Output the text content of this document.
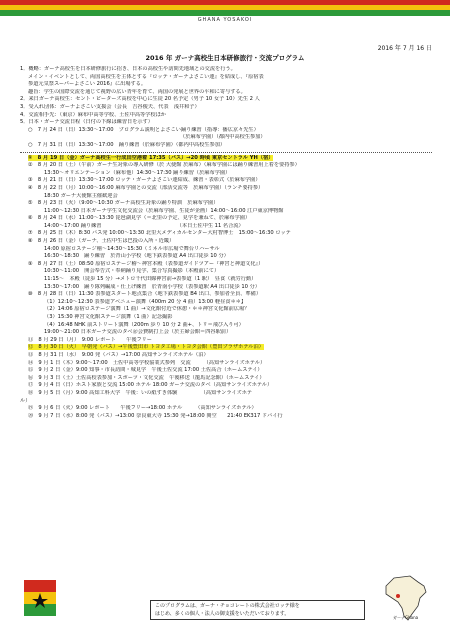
GHANA YOSAKOI
2016 年 7 月 16 日
2016 年 ガーナ高校生日本研修旅行・交流プログラム
1．概略：ガーナ高校生を日本研修旅行に招き、日本の高校生や訪問先地域との交流を行う。
メイン・イベントとして、両国高校生を主体とする『ロッテ・ガーナよさこい連』を結成し、『原宿表
参道元気祭スーパーよさこい 2016』に出場する。
趣旨：学生の国際交流を通じて視野の広い青年を育て、両国の発展と世界の平和に寄与する。
2．来日ガーナ高校生：セント・ピーターズ高校を中心に生徒 20 名予定（男子 10 女子 10）先生 2 人
3．受入れ団体：ガーナよさこい支援会（会長　吉谷俊夫、代表　浅井和子）
4．交流相手先：（東京）麻布中高等学校、土佐中高等学校ほか
5．日本・ガーナ交流日程（日付の下線は練習日を示す）
○　7 月 24 日（日）13:30〜17:00　プログラム説明とよさこい踊り練習（指導：播広京々先生）
（於麻布学園）（都内中高校生参加）
○　7 月 31 日（日）13:30〜17:00　踊り練習（於麻布学園）（都内中高校生参加）
①　8 月 19 日（金）ガーナ高校生一行成田空港着 17:35（バス）→20 時頃 東京セントラル YH（宿）
②　8 月 20 日（土）（午前）ガーナ生対象の導入研修（於 大使館 於麻布）（麻布学園には踊り練習用上着を要持参）
13:30〜オリエンテーション（麻布他）14:30〜17:30 踊り練習（於麻布学園）
③　8 月 21 日（日）13:30〜17:00 ロッテ・ガーナよさこい連結成、練習・表彰式（於麻布学園）
④　8 月 22 日（月）10:00〜16:00 麻布学園との交流（部活交流等　於麻布学園）（ランチ要持参）
18:30 ガーナ大使館主催歓迎会
⑤　8 月 23 日（火）（9:00〜10:30 ガーナ高校生対象の踊り特訓　於麻布学園）
11:00〜12:30 日本ガーナ学生文化交流会（於麻布学園、生徒が企画）14:00〜16:00 江戸東京博物館
⑥　8 月 24 日（水）11:00〜13:30 琵琶湖見学（＝北里の予定、見学を兼ねて、於麻布学園）
14:00〜17:00 踊り練習　　　　　　　　　　　　　　　（本日土佐中生 11 名合流）
⑦　8 月 25 日（木）8:30 バス発 10:00〜13:30 北里大メディカルセンター大村智博士　15:00〜16:30 ロッテ
⑧　8 月 26 日（金）（ガーナ、土佐中生は巴投の入所・近畿）
14:00 原宿ロステージ稽〜14:30〜15:30（ミネル市広場で舞台リハーサル
16:30〜18:30　踊り練習　於青山小学校（地下鉄表参道 A4 出口徒歩 10 分）
⑨　8 月 27 日（土）08:50 原宿ロステージ稽〜神宮本殿（表参道ガイドツアー『神宮と神道文化』）
10:30〜11:00　開会奉告式・奉納踊り見学、集合写真撮影（本殿前にて）
11:15〜　本殿（徒歩 15 分）→メトロ千代田線神宮前→表参道（1 駅）　昼食（就労行動）
13:30〜17:00　踊り隊列編成・仕上げ練習　於青南小学校（表参道駅 A4 出口徒歩 10 分）
⑩　8 月 28 日（日）11:30 表参道スタート地点集合（地下鉄表参道 B4 出口、参加者全員、準備）
（1）12:10〜12:30 表参道アベニュー演舞（400m 20 分 4 曲）13:00 軽昼食＊＊】
（2）14:06 原宿ロステージ演舞（1 曲）→文化館付近で休憩・＊＊神宮文化館前広場？
（3）15:30 神宮文化館ステージ演舞（1 曲）記念撮影
（4）16:48 NHK 前ストリート演舞（200m 歩り 10 分 2 曲+、トリ＝飛び入り可）
19:00〜21:00 日本ガーナ交流のタベ＠会費制打上会（於主婦会館＝四谷駅前）
⑪　8 月 29 日（月）　9:00 レポート　　午後フリー
⑫　8 月 30 日（火）　早朝発（バス）→午後豊田市 トヨタ工場・トヨタ会館（豊田プラザホテル泊）
⑬　8 月 31 日（水）　9:00 発（バス）→17:00 高知サンライズホテル（泊）
⑭　9 月 1 日（木）9:00〜17:00　土佐中高等学校協業式参列　交流　　　（高知サンライズホテル）
⑮　9 月 2 日（金）9:00 知事・市長訪問・城見学　午後土佐交流 17:00 土佐高合（ホームステイ）
⑯　9 月 3 日（土）土佐高校表参加・スポーツ・文化交流　午後移送（龍馬記念館）（ホームステイ）
⑰　9 月 4 日（日）ホスト家族と交流 15:00 ホテル 18:00 ガーナ交流のタベ（高知サンライズホテル）
⑱　9 月 5 日（月）9:00 高知工科大学　午後：いの紙すき体験　　　　　（高知サンライズホテ
ル）
⑲　9 月 6 日（火）9:00 レポート　　午後フリー→18:00 ホテル　　　（高知サンライズホテル）
⑳　9 月 7 日（水）8:00 発（バス）→13:00 奈良東大寺 15:30 発→18:00 関空　　21:40 EK317 ドバイ行
このプログラムは、ガーナ・チョコレートの株式会社ロッテ様を
はじめ、多くの個人・法人の御支援をいただいております。
ガーナGhana
